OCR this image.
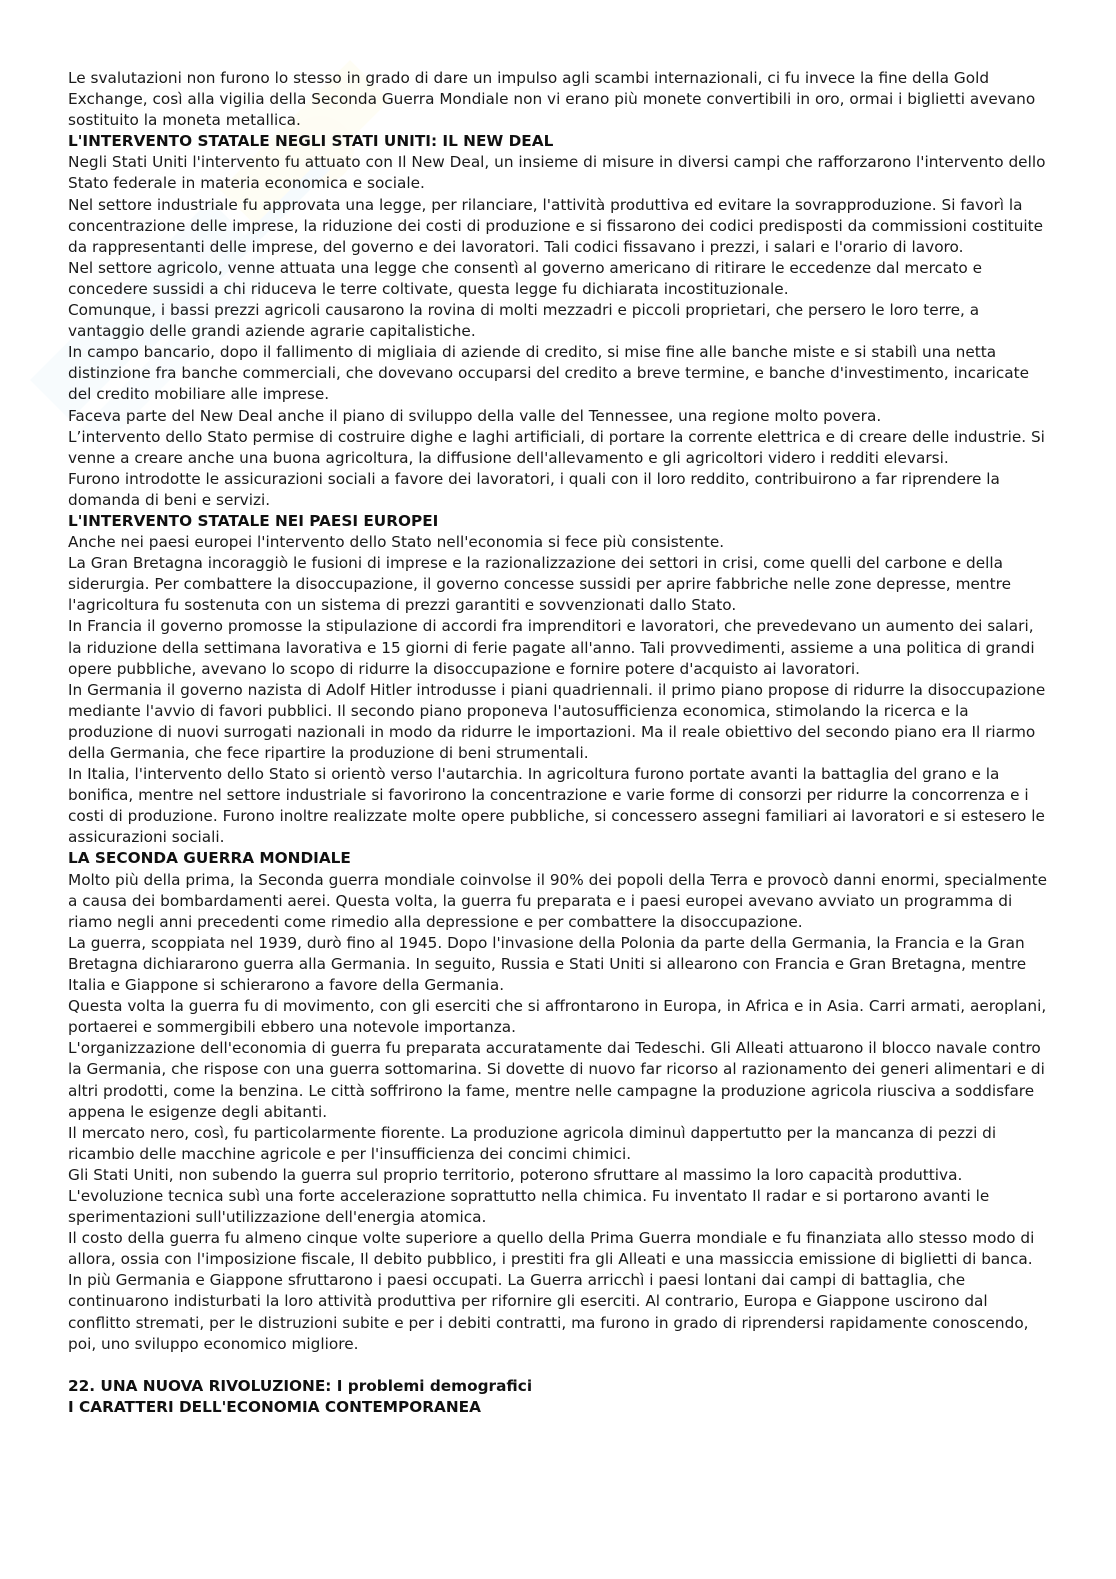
Le svalutazioni non furono lo stesso in grado di dare un impulso agli scambi internazionali, ci fu invece la fine della Gold Exchange, così alla vigilia della Seconda Guerra Mondiale non vi erano più monete convertibili in oro, ormai i biglietti avevano sostituito la moneta metallica.

L'INTERVENTO STATALE NEGLI STATI UNITI: IL NEW DEAL

Negli Stati Uniti l'intervento fu attuato con Il New Deal, un insieme di misure in diversi campi che rafforzarono l'intervento dello Stato federale in materia economica e sociale.

Nel settore industriale fu approvata una legge, per rilanciare, l'attività produttiva ed evitare la sovrapproduzione. Si favorì la concentrazione delle imprese, la riduzione dei costi di produzione e si fissarono dei codici predisposti da commissioni costituite da rappresentanti delle imprese, del governo e dei lavoratori. Tali codici fissavano i prezzi, i salari e l'orario di lavoro.

Nel settore agricolo, venne attuata una legge che consentì al governo americano di ritirare le eccedenze dal mercato e concedere sussidi a chi riduceva le terre coltivate, questa legge fu dichiarata incostituzionale.

Comunque, i bassi prezzi agricoli causarono la rovina di molti mezzadri e piccoli proprietari, che persero le loro terre, a vantaggio delle grandi aziende agrarie capitalistiche.

In campo bancario, dopo il fallimento di migliaia di aziende di credito, si mise fine alle banche miste e si stabilì una netta distinzione fra banche commerciali, che dovevano occuparsi del credito a breve termine, e banche d'investimento, incaricate del credito mobiliare alle imprese.

Faceva parte del New Deal anche il piano di sviluppo della valle del Tennessee, una regione molto povera.

L’intervento dello Stato permise di costruire dighe e laghi artificiali, di portare la corrente elettrica e di creare delle industrie. Si venne a creare anche una buona agricoltura, la diffusione dell'allevamento e gli agricoltori videro i redditi elevarsi.

Furono introdotte le assicurazioni sociali a favore dei lavoratori, i quali con il loro reddito, contribuirono a far riprendere la domanda di beni e servizi.

L'INTERVENTO STATALE NEI PAESI EUROPEI

Anche nei paesi europei l'intervento dello Stato nell'economia si fece più consistente.

La Gran Bretagna incoraggiò le fusioni di imprese e la razionalizzazione dei settori in crisi, come quelli del carbone e della siderurgia. Per combattere la disoccupazione, il governo concesse sussidi per aprire fabbriche nelle zone depresse, mentre l'agricoltura fu sostenuta con un sistema di prezzi garantiti e sovvenzionati dallo Stato.

In Francia il governo promosse la stipulazione di accordi fra imprenditori e lavoratori, che prevedevano un aumento dei salari, la riduzione della settimana lavorativa e 15 giorni di ferie pagate all'anno. Tali provvedimenti, assieme a una politica di grandi opere pubbliche, avevano lo scopo di ridurre la disoccupazione e fornire potere d'acquisto ai lavoratori.

In Germania il governo nazista di Adolf Hitler introdusse i piani quadriennali. il primo piano propose di ridurre la disoccupazione mediante l'avvio di favori pubblici. Il secondo piano proponeva l'autosufficienza economica, stimolando la ricerca e la produzione di nuovi surrogati nazionali in modo da ridurre le importazioni. Ma il reale obiettivo del secondo piano era Il riarmo della Germania, che fece ripartire la produzione di beni strumentali.

In Italia, l'intervento dello Stato si orientò verso l'autarchia. In agricoltura furono portate avanti la battaglia del grano e la bonifica, mentre nel settore industriale si favorirono la concentrazione e varie forme di consorzi per ridurre la concorrenza e i costi di produzione. Furono inoltre realizzate molte opere pubbliche, si concessero assegni familiari ai lavoratori e si estesero le assicurazioni sociali.

LA SECONDA GUERRA MONDIALE

Molto più della prima, la Seconda guerra mondiale coinvolse il 90% dei popoli della Terra e provocò danni enormi, specialmente a causa dei bombardamenti aerei. Questa volta, la guerra fu preparata e i paesi europei avevano avviato un programma di riamo negli anni precedenti come rimedio alla depressione e per combattere la disoccupazione.

La guerra, scoppiata nel 1939, durò fino al 1945. Dopo l'invasione della Polonia da parte della Germania, la Francia e la Gran Bretagna dichiararono guerra alla Germania. In seguito, Russia e Stati Uniti si allearono con Francia e Gran Bretagna, mentre Italia e Giappone si schierarono a favore della Germania.

Questa volta la guerra fu di movimento, con gli eserciti che si affrontarono in Europa, in Africa e in Asia. Carri armati, aeroplani, portaerei e sommergibili ebbero una notevole importanza.

L'organizzazione dell'economia di guerra fu preparata accuratamente dai Tedeschi. Gli Alleati attuarono il blocco navale contro la Germania, che rispose con una guerra sottomarina. Si dovette di nuovo far ricorso al razionamento dei generi alimentari e di altri prodotti, come la benzina. Le città soffrirono la fame, mentre nelle campagne la produzione agricola riusciva a soddisfare appena le esigenze degli abitanti.

Il mercato nero, così, fu particolarmente fiorente. La produzione agricola diminuì dappertutto per la mancanza di pezzi di ricambio delle macchine agricole e per l'insufficienza dei concimi chimici.

Gli Stati Uniti, non subendo la guerra sul proprio territorio, poterono sfruttare al massimo la loro capacità produttiva. L'evoluzione tecnica subì una forte accelerazione soprattutto nella chimica. Fu inventato Il radar e si portarono avanti le sperimentazioni sull'utilizzazione dell'energia atomica.

Il costo della guerra fu almeno cinque volte superiore a quello della Prima Guerra mondiale e fu finanziata allo stesso modo di allora, ossia con l'imposizione fiscale, Il debito pubblico, i prestiti fra gli Alleati e una massiccia emissione di biglietti di banca. In più Germania e Giappone sfruttarono i paesi occupati. La Guerra arricchì i paesi lontani dai campi di battaglia, che continuarono indisturbati la loro attività produttiva per rifornire gli eserciti. Al contrario, Europa e Giappone uscirono dal conflitto stremati, per le distruzioni subite e per i debiti contratti, ma furono in grado di riprendersi rapidamente conoscendo, poi, uno sviluppo economico migliore.

22. UNA NUOVA RIVOLUZIONE: I problemi demografici
I CARATTERI DELL'ECONOMIA CONTEMPORANEA
